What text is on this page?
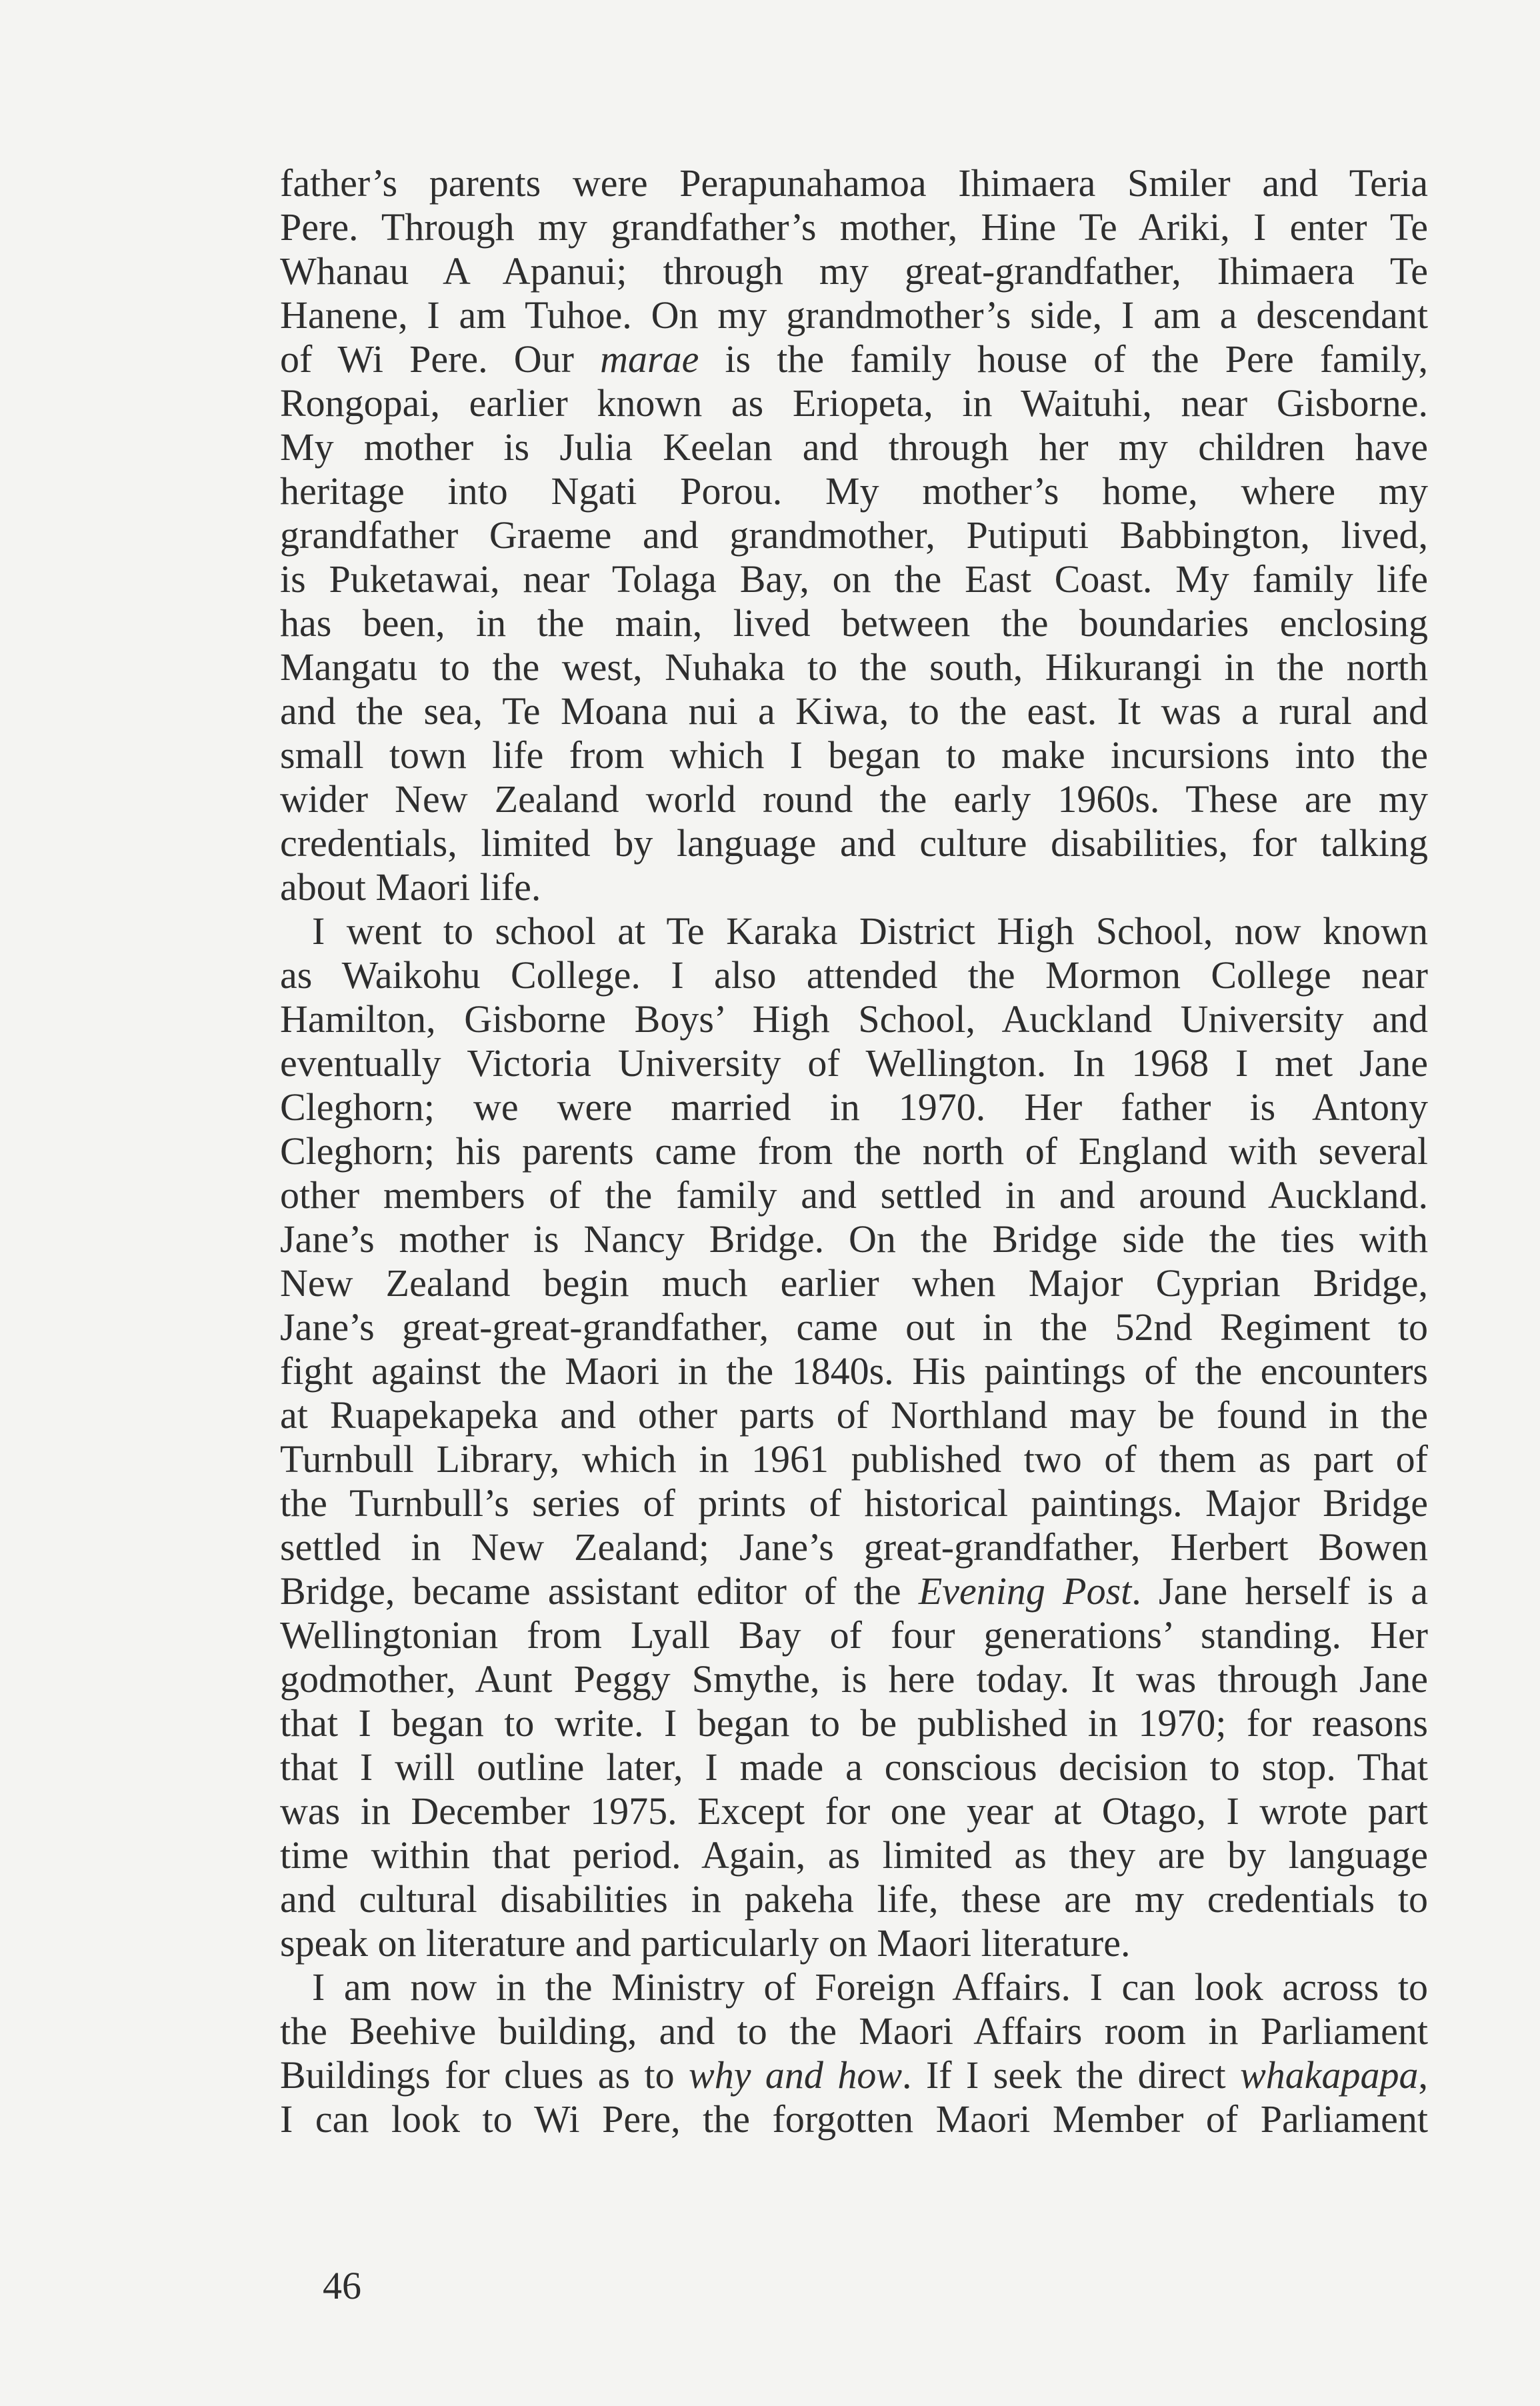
father’s parents were Perapunahamoa Ihimaera Smiler and Teria
Pere. Through my grandfather’s mother, Hine Te Ariki, I enter Te
Whanau A Apanui; through my great-grandfather, Ihimaera Te
Hanene, I am Tuhoe. On my grandmother’s side, I am a descendant
of Wi Pere. Our marae is the family house of the Pere family,
Rongopai, earlier known as Eriopeta, in Waituhi, near Gisborne.
My mother is Julia Keelan and through her my children have
heritage into Ngati Porou. My mother’s home, where my
grandfather Graeme and grandmother, Putiputi Babbington, lived,
is Puketawai, near Tolaga Bay, on the East Coast. My family life
has been, in the main, lived between the boundaries enclosing
Mangatu to the west, Nuhaka to the south, Hikurangi in the north
and the sea, Te Moana nui a Kiwa, to the east. It was a rural and
small town life from which I began to make incursions into the
wider New Zealand world round the early 1960s. These are my
credentials, limited by language and culture disabilities, for talking
about Maori life.
I went to school at Te Karaka District High School, now known
as Waikohu College. I also attended the Mormon College near
Hamilton, Gisborne Boys’ High School, Auckland University and
eventually Victoria University of Wellington. In 1968 I met Jane
Cleghorn; we were married in 1970. Her father is Antony
Cleghorn; his parents came from the north of England with several
other members of the family and settled in and around Auckland.
Jane’s mother is Nancy Bridge. On the Bridge side the ties with
New Zealand begin much earlier when Major Cyprian Bridge,
Jane’s great-great-grandfather, came out in the 52nd Regiment to
fight against the Maori in the 1840s. His paintings of the encounters
at Ruapekapeka and other parts of Northland may be found in the
Turnbull Library, which in 1961 published two of them as part of
the Turnbull’s series of prints of historical paintings. Major Bridge
settled in New Zealand; Jane’s great-grandfather, Herbert Bowen
Bridge, became assistant editor of the Evening Post. Jane herself is a
Wellingtonian from Lyall Bay of four generations’ standing. Her
godmother, Aunt Peggy Smythe, is here today. It was through Jane
that I began to write. I began to be published in 1970; for reasons
that I will outline later, I made a conscious decision to stop. That
was in December 1975. Except for one year at Otago, I wrote part
time within that period. Again, as limited as they are by language
and cultural disabilities in pakeha life, these are my credentials to
speak on literature and particularly on Maori literature.
I am now in the Ministry of Foreign Affairs. I can look across to
the Beehive building, and to the Maori Affairs room in Parliament
Buildings for clues as to why and how. If I seek the direct whakapapa,
I can look to Wi Pere, the forgotten Maori Member of Parliament
46
